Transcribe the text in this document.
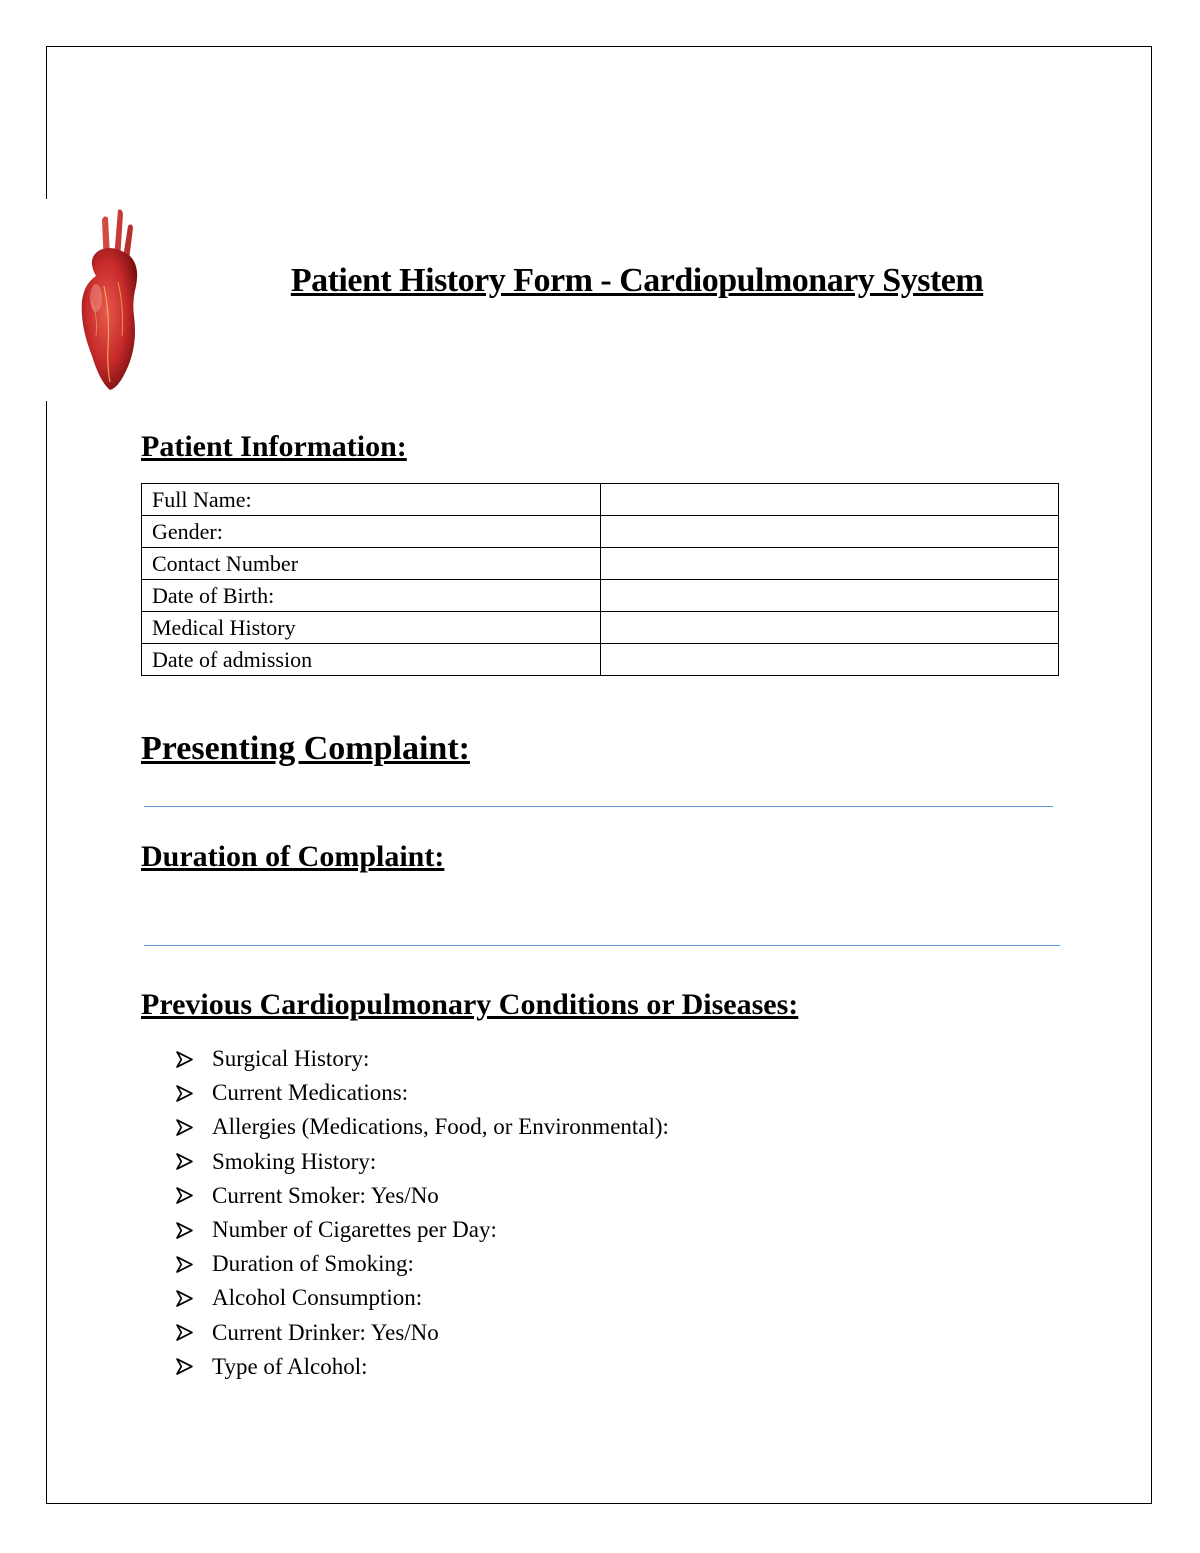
Patient History Form - Cardiopulmonary System
Patient Information:
Full Name:	
Gender:	
Contact Number	
Date of Birth:	
Medical History	
Date of admission	
Presenting Complaint:
Duration of Complaint:
Previous Cardiopulmonary Conditions or Diseases:
Surgical History:
Current Medications:
Allergies (Medications, Food, or Environmental):
Smoking History:
Current Smoker: Yes/No
Number of Cigarettes per Day:
Duration of Smoking:
Alcohol Consumption:
Current Drinker: Yes/No
Type of Alcohol:
